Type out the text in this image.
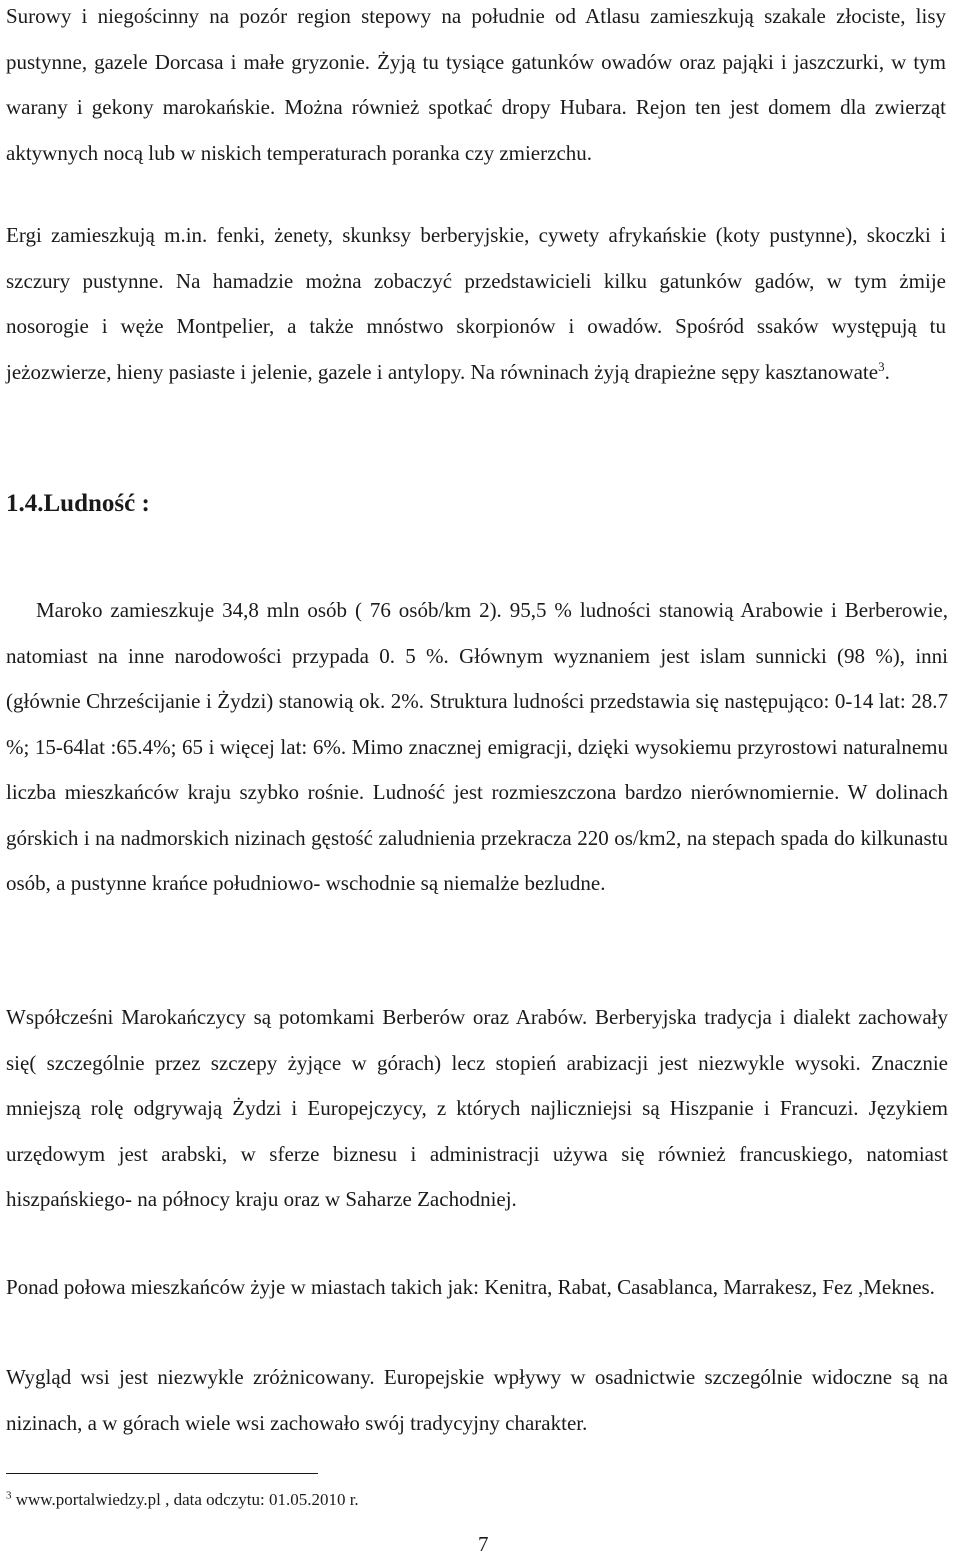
Surowy i niegościnny na pozór region stepowy na południe od Atlasu zamieszkują szakale złociste, lisy pustynne, gazele Dorcasa i małe gryzonie. Żyją tu tysiące gatunków owadów oraz pająki i jaszczurki, w tym warany i gekony marokańskie. Można również spotkać dropy Hubara. Rejon ten jest domem dla zwierząt aktywnych nocą lub w niskich temperaturach poranka czy zmierzchu.

Ergi zamieszkują m.in. fenki, żenety, skunksy berberyjskie, cywety afrykańskie (koty pustynne), skoczki i szczury pustynne. Na hamadzie można zobaczyć przedstawicieli kilku gatunków gadów, w tym żmije nosorogie i węże Montpelier, a także mnóstwo skorpionów i owadów. Spośród ssaków występują tu jeżozwierze, hieny pasiaste i jelenie, gazele i antylopy. Na równinach żyją drapieżne sępy kasztanowate$^3$.

1.4.Ludność :

Maroko zamieszkuje 34,8 mln osób ( 76 osób/km 2). 95,5 % ludności stanowią Arabowie i Berberowie, natomiast na inne narodowości przypada 0. 5 %. Głównym wyznaniem jest islam sunnicki (98 %), inni (głównie Chrześcijanie i Żydzi) stanowią ok. 2%. Struktura ludności przedstawia się następująco: 0-14 lat: 28.7 %; 15-64lat :65.4%; 65 i więcej lat: 6%. Mimo znacznej emigracji, dzięki wysokiemu przyrostowi naturalnemu liczba mieszkańców kraju szybko rośnie. Ludność jest rozmieszczona bardzo nierównomiernie. W dolinach górskich i na nadmorskich nizinach gęstość zaludnienia przekracza 220 os/km2, na stepach spada do kilkunastu osób, a pustynne krańce południowo- wschodnie są niemalże bezludne.

Współcześni Marokańczycy są potomkami Berberów oraz Arabów. Berberyjska tradycja i dialekt zachowały się( szczególnie przez szczepy żyjące w górach) lecz stopień arabizacji jest niezwykle wysoki. Znacznie mniejszą rolę odgrywają Żydzi i Europejczycy, z których najliczniejsi są Hiszpanie i Francuzi. Językiem urzędowym jest arabski, w sferze biznesu i administracji używa się również francuskiego, natomiast hiszpańskiego- na północy kraju oraz w Saharze Zachodniej.

Ponad połowa mieszkańców żyje w miastach takich jak: Kenitra, Rabat, Casablanca, Marrakesz, Fez ,Meknes.

Wygląd wsi jest niezwykle zróżnicowany. Europejskie wpływy w osadnictwie szczególnie widoczne są na nizinach, a w górach wiele wsi zachowało swój tradycyjny charakter.

$^3$ www.portalwiedzy.pl , data odczytu: 01.05.2010 r.

7
